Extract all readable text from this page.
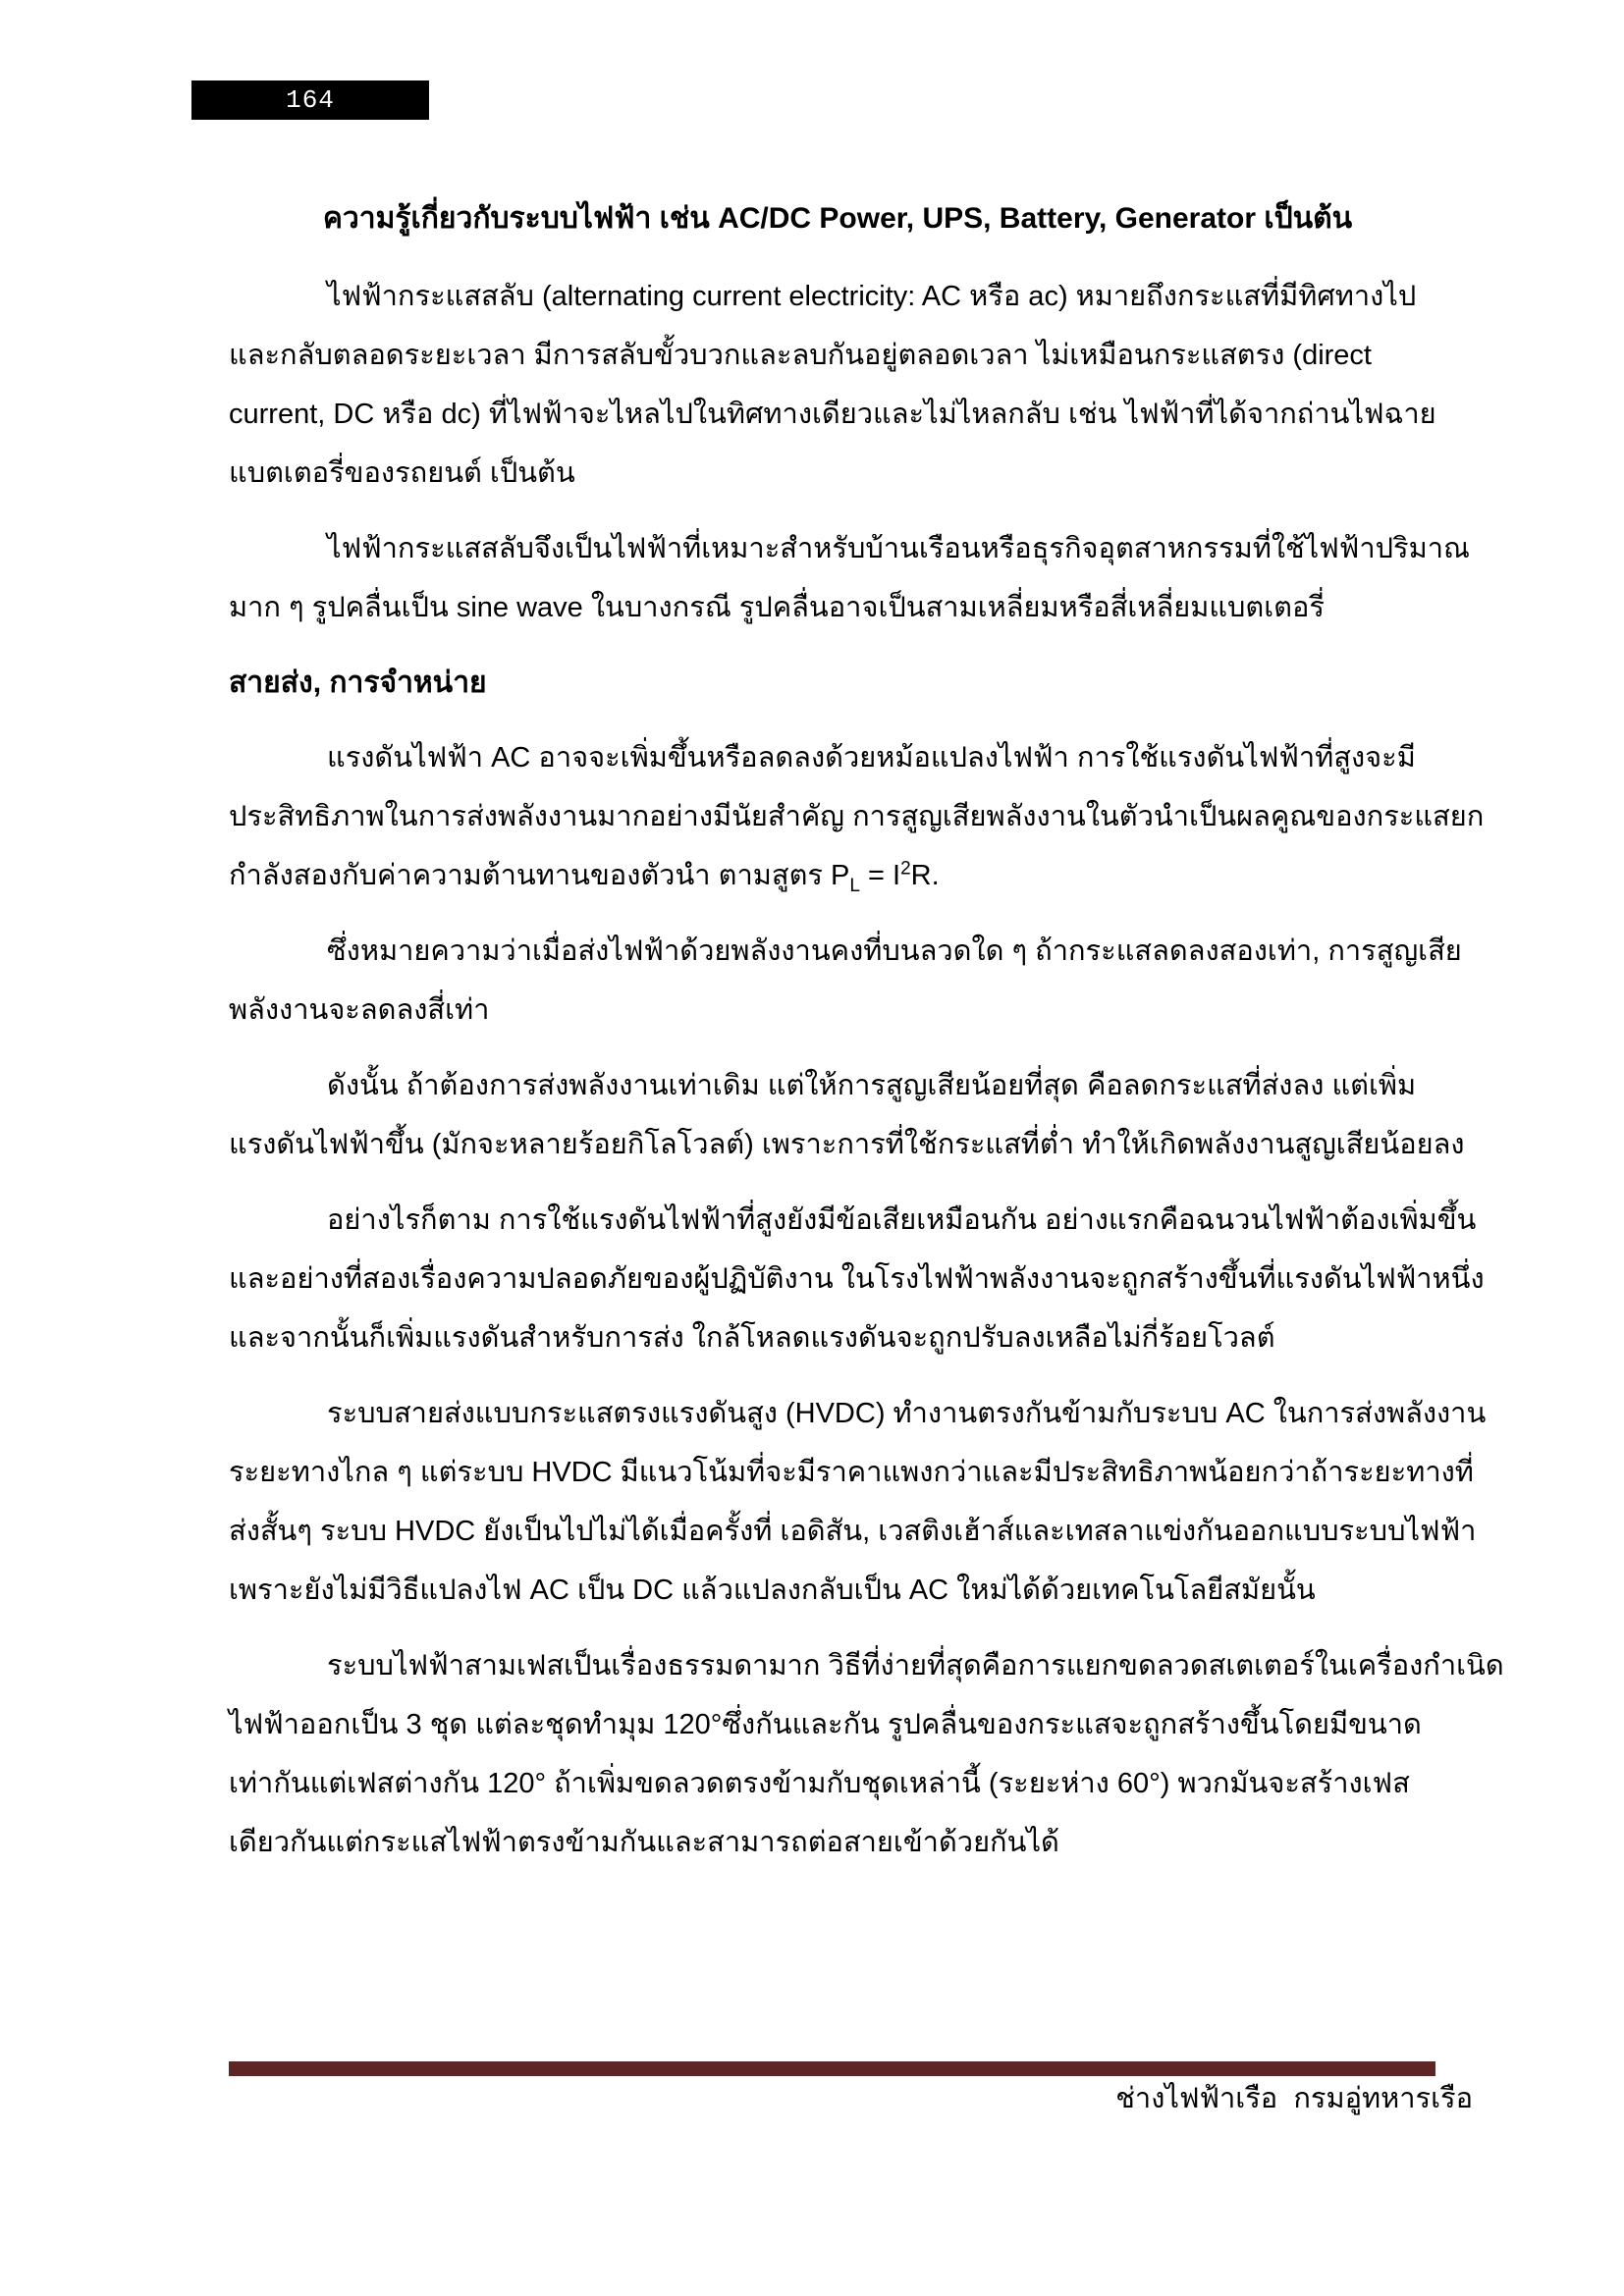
164
ความรู้เกี่ยวกับระบบไฟฟ้า เช่น AC/DC Power, UPS, Battery, Generator เป็นต้น
ไฟฟ้ากระแสสลับ (alternating current electricity: AC หรือ ac) หมายถึงกระแสที่มีทิศทางไป
และกลับตลอดระยะเวลา มีการสลับขั้วบวกและลบกันอยู่ตลอดเวลา ไม่เหมือนกระแสตรง (direct
current, DC หรือ dc) ที่ไฟฟ้าจะไหลไปในทิศทางเดียวและไม่ไหลกลับ เช่น ไฟฟ้าที่ได้จากถ่านไฟฉาย
แบตเตอรี่ของรถยนต์ เป็นต้น
ไฟฟ้ากระแสสลับจึงเป็นไฟฟ้าที่เหมาะสำหรับบ้านเรือนหรือธุรกิจอุตสาหกรรมที่ใช้ไฟฟ้าปริมาณ
มาก ๆ รูปคลื่นเป็น sine wave ในบางกรณี รูปคลื่นอาจเป็นสามเหลี่ยมหรือสี่เหลี่ยมแบตเตอรี่
สายส่ง, การจำหน่าย
แรงดันไฟฟ้า AC อาจจะเพิ่มขึ้นหรือลดลงด้วยหม้อแปลงไฟฟ้า การใช้แรงดันไฟฟ้าที่สูงจะมี
ประสิทธิภาพในการส่งพลังงานมากอย่างมีนัยสำคัญ การสูญเสียพลังงานในตัวนำเป็นผลคูณของกระแสยก
กำลังสองกับค่าความต้านทานของตัวนำ ตามสูตร $P_L = I^2R$.
ซึ่งหมายความว่าเมื่อส่งไฟฟ้าด้วยพลังงานคงที่บนลวดใด ๆ ถ้ากระแสลดลงสองเท่า, การสูญเสีย
พลังงานจะลดลงสี่เท่า
ดังนั้น ถ้าต้องการส่งพลังงานเท่าเดิม แต่ให้การสูญเสียน้อยที่สุด คือลดกระแสที่ส่งลง แต่เพิ่ม
แรงดันไฟฟ้าขึ้น (มักจะหลายร้อยกิโลโวลต์) เพราะการที่ใช้กระแสที่ต่ำ ทำให้เกิดพลังงานสูญเสียน้อยลง
อย่างไรก็ตาม การใช้แรงดันไฟฟ้าที่สูงยังมีข้อเสียเหมือนกัน อย่างแรกคือฉนวนไฟฟ้าต้องเพิ่มขึ้น
และอย่างที่สองเรื่องความปลอดภัยของผู้ปฏิบัติงาน ในโรงไฟฟ้าพลังงานจะถูกสร้างขึ้นที่แรงดันไฟฟ้าหนึ่ง
และจากนั้นก็เพิ่มแรงดันสำหรับการส่ง ใกล้โหลดแรงดันจะถูกปรับลงเหลือไม่กี่ร้อยโวลต์
ระบบสายส่งแบบกระแสตรงแรงดันสูง (HVDC) ทำงานตรงกันข้ามกับระบบ AC ในการส่งพลังงาน
ระยะทางไกล ๆ แต่ระบบ HVDC มีแนวโน้มที่จะมีราคาแพงกว่าและมีประสิทธิภาพน้อยกว่าถ้าระยะทางที่
ส่งสั้นๆ ระบบ HVDC ยังเป็นไปไม่ได้เมื่อครั้งที่ เอดิสัน, เวสติงเฮ้าส์และเทสลาแข่งกันออกแบบระบบไฟฟ้า
เพราะยังไม่มีวิธีแปลงไฟ AC เป็น DC แล้วแปลงกลับเป็น AC ใหม่ได้ด้วยเทคโนโลยีสมัยนั้น
ระบบไฟฟ้าสามเฟสเป็นเรื่องธรรมดามาก วิธีที่ง่ายที่สุดคือการแยกขดลวดสเตเตอร์ในเครื่องกำเนิด
ไฟฟ้าออกเป็น 3 ชุด แต่ละชุดทำมุม 120°ซึ่งกันและกัน รูปคลื่นของกระแสจะถูกสร้างขึ้นโดยมีขนาด
เท่ากันแต่เฟสต่างกัน 120° ถ้าเพิ่มขดลวดตรงข้ามกับชุดเหล่านี้ (ระยะห่าง 60°) พวกมันจะสร้างเฟส
เดียวกันแต่กระแสไฟฟ้าตรงข้ามกันและสามารถต่อสายเข้าด้วยกันได้
ช่างไฟฟ้าเรือ  กรมอู่ทหารเรือ
